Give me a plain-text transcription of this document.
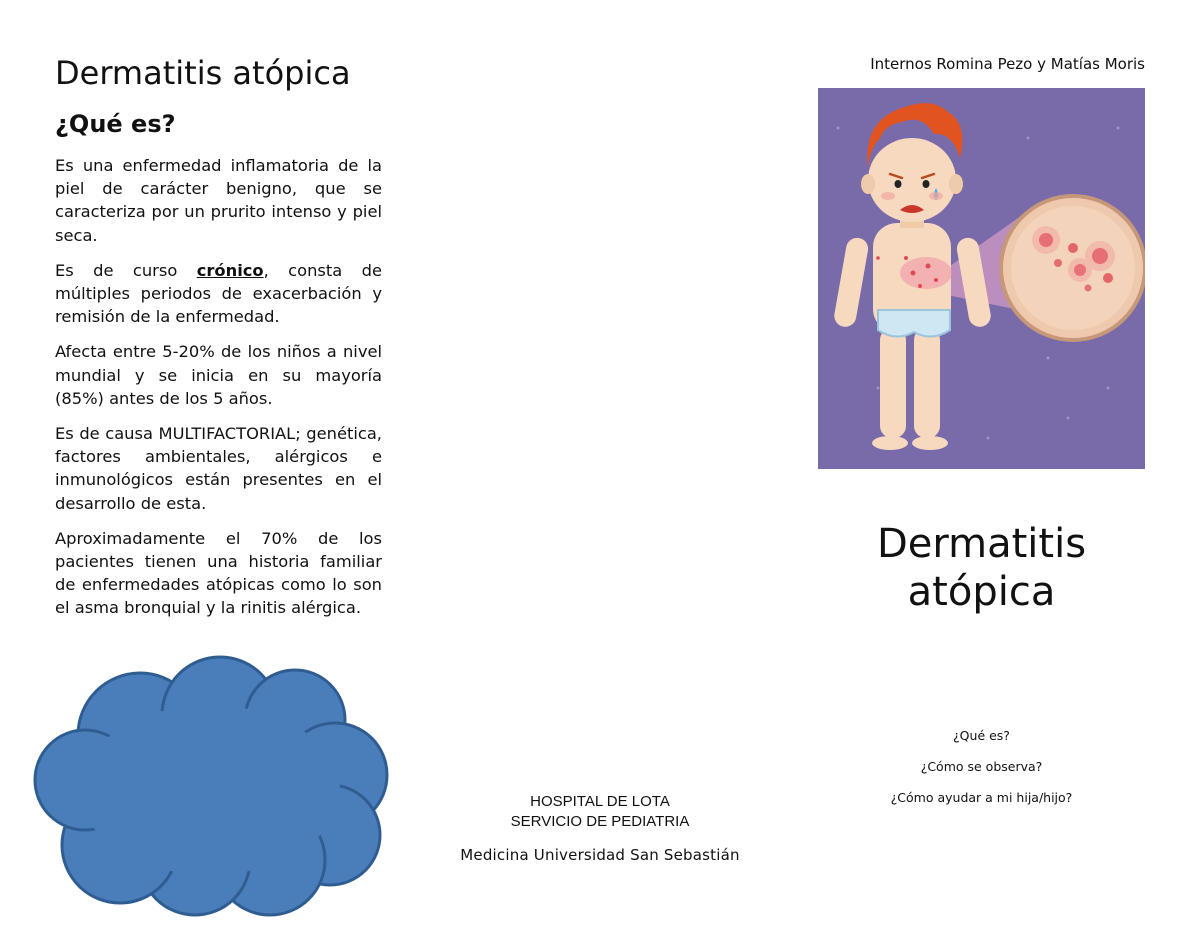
Dermatitis atópica
¿Qué es?

Es una enfermedad inflamatoria de la piel de carácter benigno, que se caracteriza por un prurito intenso y piel seca.

Es de curso crónico, consta de múltiples periodos de exacerbación y remisión de la enfermedad.

Afecta entre 5-20% de los niños a nivel mundial y se inicia en su mayoría (85%) antes de los 5 años.

Es de causa MULTIFACTORIAL; genética, factores ambientales, alérgicos e inmunológicos están presentes en el desarrollo de esta.

Aproximadamente el 70% de los pacientes tienen una historia familiar de enfermedades atópicas como lo son el asma bronquial y la rinitis alérgica.

HOSPITAL DE LOTA
SERVICIO DE PEDIATRIA
Medicina Universidad San Sebastián
Internos Romina Pezo y Matías Moris
Dermatitis atópica
¿Qué es?
¿Cómo se observa?
¿Cómo ayudar a mi hija/hijo?
